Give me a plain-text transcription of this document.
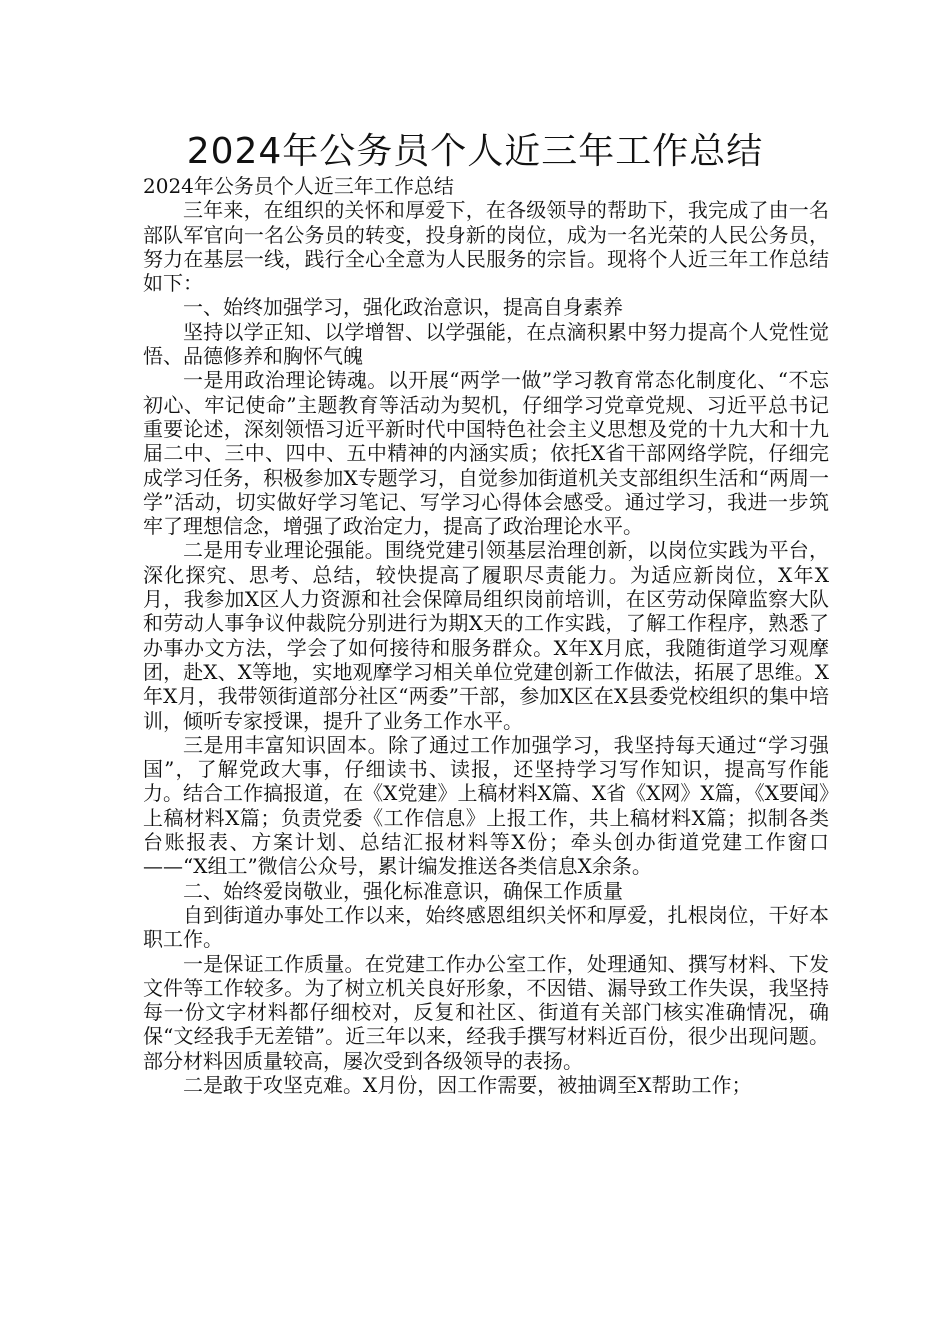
2024年公务员个人近三年工作总结

2024年公务员个人近三年工作总结

三年来，在组织的关怀和厚爱下，在各级领导的帮助下，我完成了由一名部队军官向一名公务员的转变，投身新的岗位，成为一名光荣的人民公务员，努力在基层一线，践行全心全意为人民服务的宗旨。现将个人近三年工作总结如下：

一、始终加强学习，强化政治意识，提高自身素养

坚持以学正知、以学增智、以学强能，在点滴积累中努力提高个人党性觉悟、品德修养和胸怀气魄

一是用政治理论铸魂。以开展“两学一做”学习教育常态化制度化、“不忘初心、牢记使命”主题教育等活动为契机，仔细学习党章党规、习近平总书记重要论述，深刻领悟习近平新时代中国特色社会主义思想及党的十九大和十九届二中、三中、四中、五中精神的内涵实质；依托X省干部网络学院，仔细完成学习任务，积极参加X专题学习，自觉参加街道机关支部组织生活和“两周一学”活动，切实做好学习笔记、写学习心得体会感受。通过学习，我进一步筑牢了理想信念，增强了政治定力，提高了政治理论水平。

二是用专业理论强能。围绕党建引领基层治理创新，以岗位实践为平台，深化探究、思考、总结，较快提高了履职尽责能力。为适应新岗位，X年X月，我参加X区人力资源和社会保障局组织岗前培训，在区劳动保障监察大队和劳动人事争议仲裁院分别进行为期X天的工作实践，了解工作程序，熟悉了办事办文方法，学会了如何接待和服务群众。X年X月底，我随街道学习观摩团，赴X、X等地，实地观摩学习相关单位党建创新工作做法，拓展了思维。X年X月，我带领街道部分社区“两委”干部，参加X区在X县委党校组织的集中培训，倾听专家授课，提升了业务工作水平。

三是用丰富知识固本。除了通过工作加强学习，我坚持每天通过“学习强国”，了解党政大事，仔细读书、读报，还坚持学习写作知识，提高写作能力。结合工作搞报道，在《X党建》上稿材料X篇、X省《X网》X篇，《X要闻》上稿材料X篇；负责党委《工作信息》上报工作，共上稿材料X篇；拟制各类台账报表、方案计划、总结汇报材料等X份；牵头创办街道党建工作窗口——“X组工”微信公众号，累计编发推送各类信息X余条。

二、始终爱岗敬业，强化标准意识，确保工作质量

自到街道办事处工作以来，始终感恩组织关怀和厚爱，扎根岗位，干好本职工作。

一是保证工作质量。在党建工作办公室工作，处理通知、撰写材料、下发文件等工作较多。为了树立机关良好形象，不因错、漏导致工作失误，我坚持每一份文字材料都仔细校对，反复和社区、街道有关部门核实准确情况，确保“文经我手无差错”。近三年以来，经我手撰写材料近百份，很少出现问题。部分材料因质量较高，屡次受到各级领导的表扬。

二是敢于攻坚克难。X月份，因工作需要，被抽调至X帮助工作；
